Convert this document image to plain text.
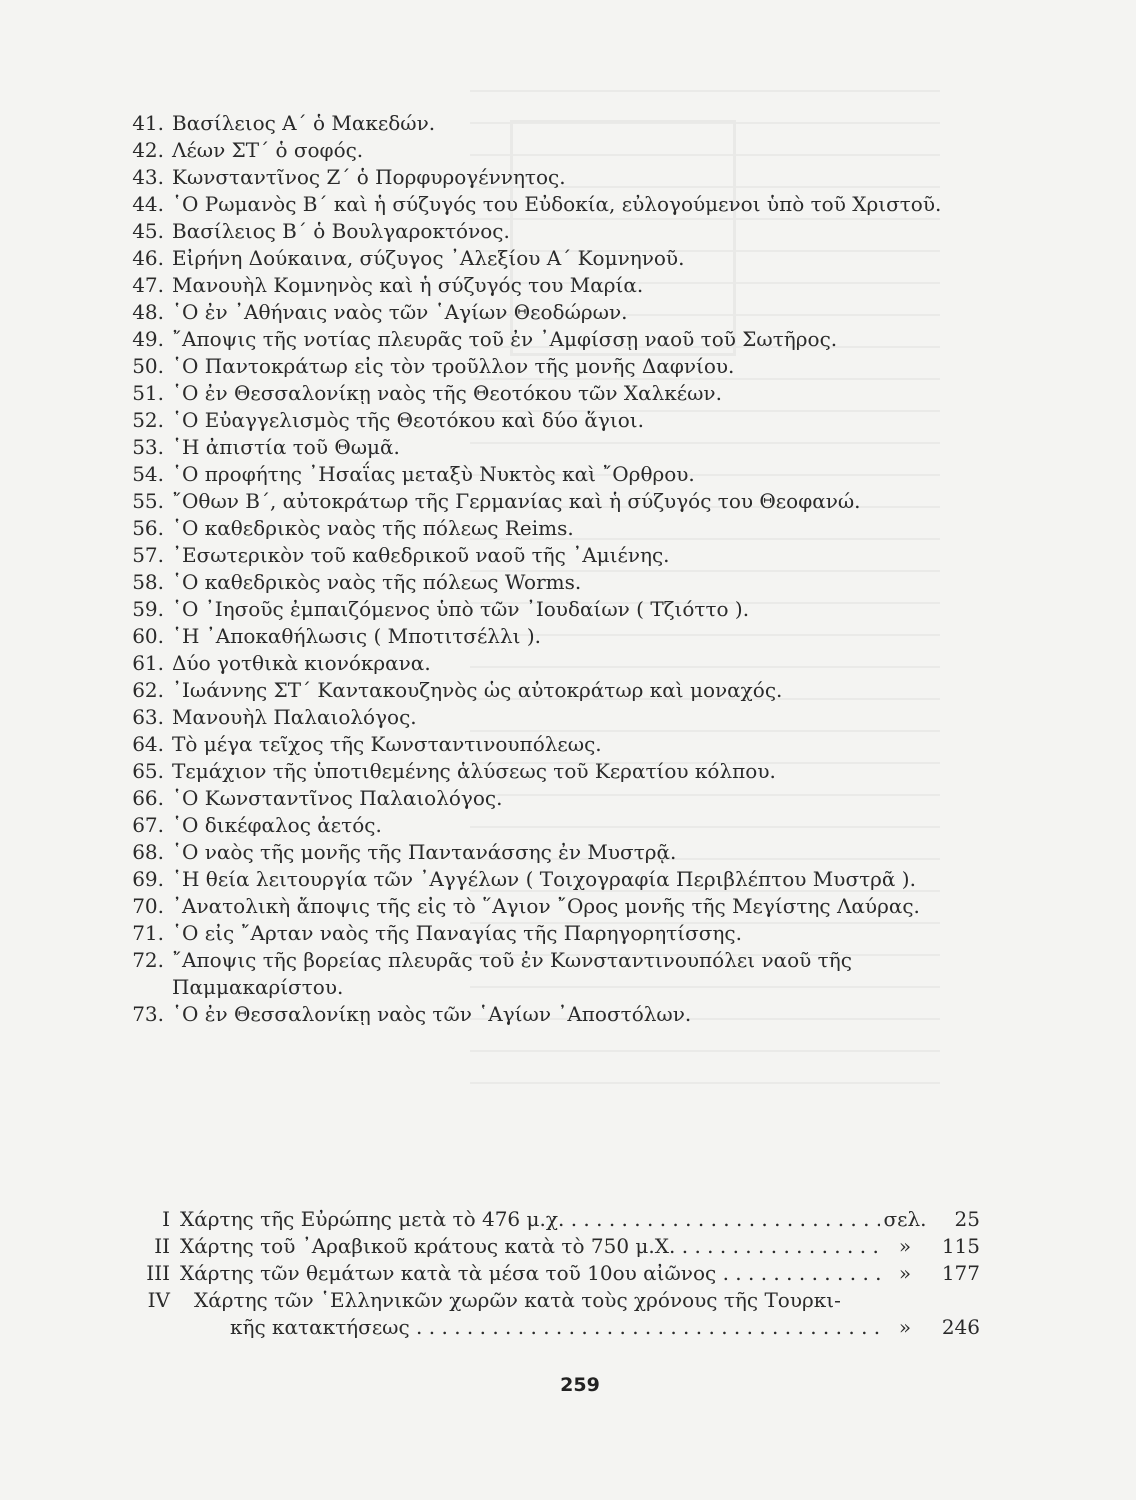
41. Βασίλειος Α΄ ὁ Μακεδών.
42. Λέων ΣΤ΄ ὁ σοφός.
43. Κωνσταντῖνος Ζ΄ ὁ Πορφυρογέννητος.
44. ῾Ο Ρωμανὸς Β΄ καὶ ἡ σύζυγός του Εὐδοκία, εὐλογούμενοι ὑπὸ τοῦ Χριστοῦ.
45. Βασίλειος Β΄ ὁ Βουλγαροκτόνος.
46. Εἰρήνη Δούκαινα, σύζυγος ᾿Αλεξίου Α΄ Κομνηνοῦ.
47. Μανουὴλ Κομνηνὸς καὶ ἡ σύζυγός του Μαρία.
48. ῾Ο ἐν ᾿Αθήναις ναὸς τῶν ῾Αγίων Θεοδώρων.
49. ῎Αποψις τῆς νοτίας πλευρᾶς τοῦ ἐν ᾿Αμφίσσῃ ναοῦ τοῦ Σωτῆρος.
50. ῾Ο Παντοκράτωρ εἰς τὸν τροῦλλον τῆς μονῆς Δαφνίου.
51. ῾Ο ἐν Θεσσαλονίκῃ ναὸς τῆς Θεοτόκου τῶν Χαλκέων.
52. ῾Ο Εὐαγγελισμὸς τῆς Θεοτόκου καὶ δύο ἅγιοι.
53. ῾Η ἀπιστία τοῦ Θωμᾶ.
54. ῾Ο προφήτης ᾿Ησαΐας μεταξὺ Νυκτὸς καὶ ῎Ορθρου.
55. ῎Οθων Β΄, αὐτοκράτωρ τῆς Γερμανίας καὶ ἡ σύζυγός του Θεοφανώ.
56. ῾Ο καθεδρικὸς ναὸς τῆς πόλεως Reims.
57. ᾿Εσωτερικὸν τοῦ καθεδρικοῦ ναοῦ τῆς ᾿Αμιένης.
58. ῾Ο καθεδρικὸς ναὸς τῆς πόλεως Worms.
59. ῾Ο ᾿Ιησοῦς ἐμπαιζόμενος ὑπὸ τῶν ᾿Ιουδαίων ( Τζιόττο ).
60. ῾Η ᾿Αποκαθήλωσις ( Μποτιτσέλλι ).
61. Δύο γοτθικὰ κιονόκρανα.
62. ᾿Ιωάννης ΣΤ΄ Καντακουζηνὸς ὡς αὐτοκράτωρ καὶ μοναχός.
63. Μανουὴλ Παλαιολόγος.
64. Τὸ μέγα τεῖχος τῆς Κωνσταντινουπόλεως.
65. Τεμάχιον τῆς ὑποτιθεμένης ἁλύσεως τοῦ Κερατίου κόλπου.
66. ῾Ο Κωνσταντῖνος Παλαιολόγος.
67. ῾Ο δικέφαλος ἀετός.
68. ῾Ο ναὸς τῆς μονῆς τῆς Παντανάσσης ἐν Μυστρᾷ.
69. ῾Η θεία λειτουργία τῶν ᾿Αγγέλων ( Τοιχογραφία Περιβλέπτου Μυστρᾶ ).
70. ᾿Ανατολικὴ ἄποψις τῆς εἰς τὸ ῞Αγιον ῎Ορος μονῆς τῆς Μεγίστης Λαύρας.
71. ῾Ο εἰς ῎Αρταν ναὸς τῆς Παναγίας τῆς Παρηγορητίσσης.
72. ῎Αποψις τῆς βορείας πλευρᾶς τοῦ ἐν Κωνσταντινουπόλει ναοῦ τῆς Παμμακαρίστου.
73. ῾Ο ἐν Θεσσαλονίκῃ ναὸς τῶν ῾Αγίων ᾿Αποστόλων.
I Χάρτης τῆς Εὐρώπης μετὰ τὸ 476 μ.χ. . . .	σελ.	25
II Χάρτης τοῦ ᾿Αραβικοῦ κράτους κατὰ τὸ 750 μ.Χ. . . .	»	115
III Χάρτης τῶν θεμάτων κατὰ τὰ μέσα τοῦ 10ου αἰῶνος . . .	»	177
IV	Χάρτης τῶν ῾Ελληνικῶν χωρῶν κατὰ τοὺς χρόνους τῆς Τουρκι-
κῆς κατακτήσεως . . .	»	246
259
